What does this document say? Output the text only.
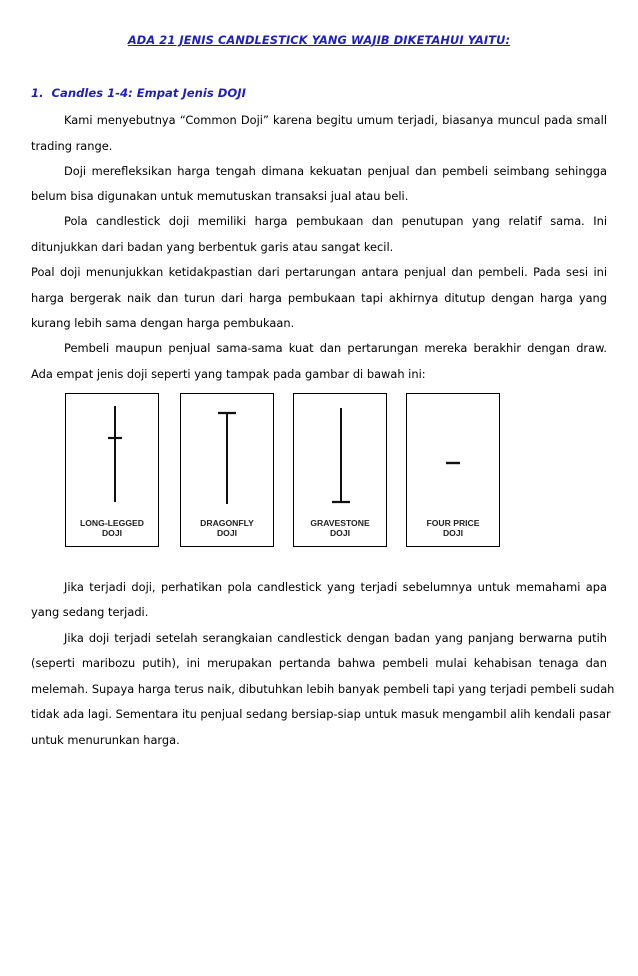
ADA 21 JENIS CANDLESTICK YANG WAJIB DIKETAHUI YAITU:
1. Candles 1-4: Empat Jenis DOJI
Kami menyebutnya “Common Doji” karena begitu umum terjadi, biasanya muncul pada small
trading range.
Doji merefleksikan harga tengah dimana kekuatan penjual dan pembeli seimbang sehingga
belum bisa digunakan untuk memutuskan transaksi jual atau beli.
Pola candlestick doji memiliki harga pembukaan dan penutupan yang relatif sama. Ini
ditunjukkan dari badan yang berbentuk garis atau sangat kecil.
Poal doji menunjukkan ketidakpastian dari pertarungan antara penjual dan pembeli. Pada sesi ini
harga bergerak naik dan turun dari harga pembukaan tapi akhirnya ditutup dengan harga yang
kurang lebih sama dengan harga pembukaan.
Pembeli maupun penjual sama-sama kuat dan pertarungan mereka berakhir dengan draw.
Ada empat jenis doji seperti yang tampak pada gambar di bawah ini:
LONG-LEGGED
DOJI
DRAGONFLY
DOJI
GRAVESTONE
DOJI
FOUR PRICE
DOJI
Jika terjadi doji, perhatikan pola candlestick yang terjadi sebelumnya untuk memahami apa
yang sedang terjadi.
Jika doji terjadi setelah serangkaian candlestick dengan badan yang panjang berwarna putih
(seperti maribozu putih), ini merupakan pertanda bahwa pembeli mulai kehabisan tenaga dan
melemah. Supaya harga terus naik, dibutuhkan lebih banyak pembeli tapi yang terjadi pembeli sudah
tidak ada lagi. Sementara itu penjual sedang bersiap-siap untuk masuk mengambil alih kendali pasar
untuk menurunkan harga.
